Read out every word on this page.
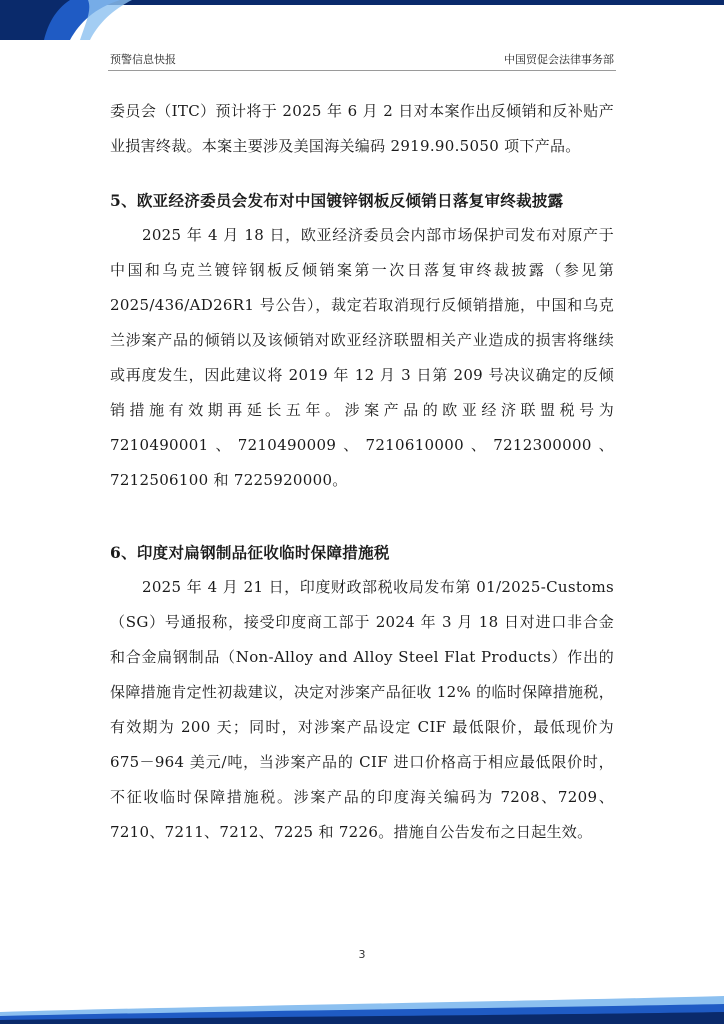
预警信息快报	中国贸促会法律事务部

委员会（ITC）预计将于 2025 年 6 月 2 日对本案作出反倾销和反补贴产业损害终裁。本案主要涉及美国海关编码 2919.90.5050 项下产品。

5、欧亚经济委员会发布对中国镀锌钢板反倾销日落复审终裁披露

2025 年 4 月 18 日，欧亚经济委员会内部市场保护司发布对原产于中国和乌克兰镀锌钢板反倾销案第一次日落复审终裁披露（参见第 2025/436/AD26R1 号公告），裁定若取消现行反倾销措施，中国和乌克兰涉案产品的倾销以及该倾销对欧亚经济联盟相关产业造成的损害将继续或再度发生，因此建议将 2019 年 12 月 3 日第 209 号决议确定的反倾销措施有效期再延长五年。涉案产品的欧亚经济联盟税号为 7210490001、7210490009、7210610000、7212300000、7212506100 和 7225920000。

6、印度对扁钢制品征收临时保障措施税

2025 年 4 月 21 日，印度财政部税收局发布第 01/2025-Customs（SG）号通报称，接受印度商工部于 2024 年 3 月 18 日对进口非合金和合金扁钢制品（Non-Alloy and Alloy Steel Flat Products）作出的保障措施肯定性初裁建议，决定对涉案产品征收 12% 的临时保障措施税，有效期为 200 天；同时，对涉案产品设定 CIF 最低限价，最低现价为 675－964 美元/吨，当涉案产品的 CIF 进口价格高于相应最低限价时，不征收临时保障措施税。涉案产品的印度海关编码为 7208、7209、7210、7211、7212、7225 和 7226。措施自公告发布之日起生效。

3
